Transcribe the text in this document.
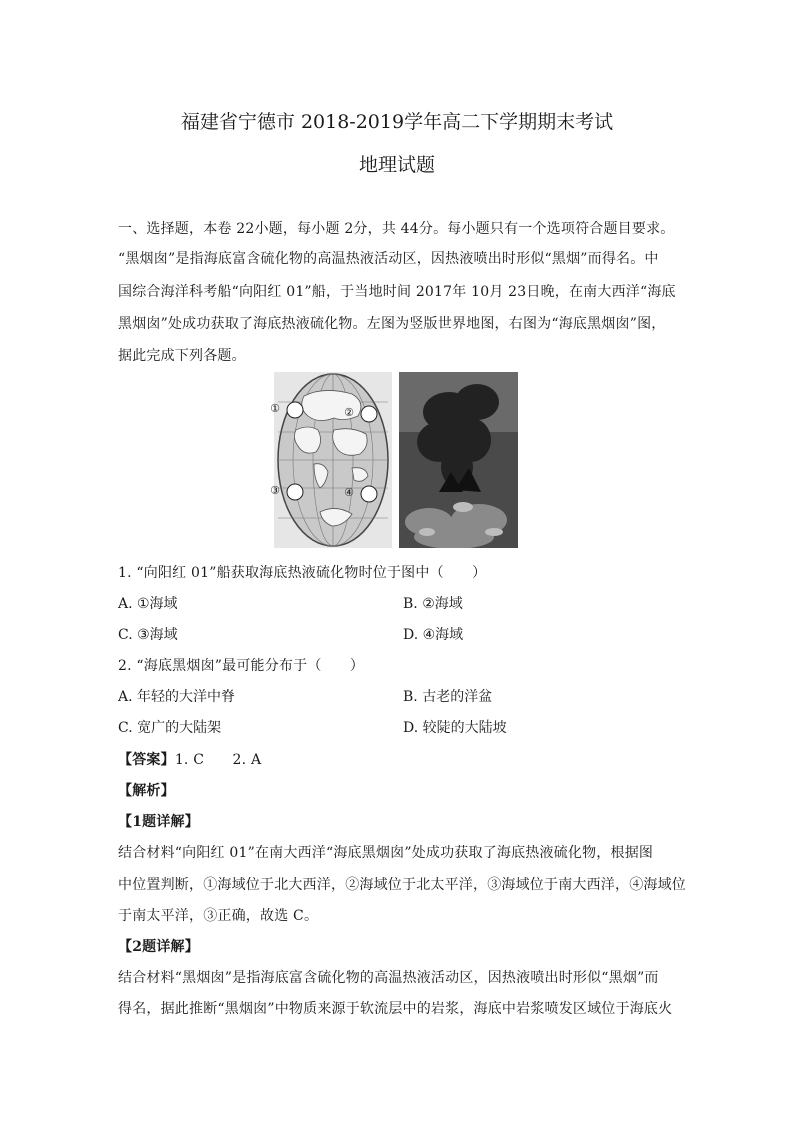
福建省宁德市 2018-2019学年高二下学期期末考试
地理试题
一、选择题，本卷 22小题，每小题 2分，共 44分。每小题只有一个选项符合题目要求。
“黑烟囱”是指海底富含硫化物的高温热液活动区，因热液喷出时形似“黑烟”而得名。中
国综合海洋科考船“向阳红 01”船，于当地时间 2017年 10月 23日晚，在南大西洋“海底
黑烟囱”处成功获取了海底热液硫化物。左图为竖版世界地图，右图为“海底黑烟囱”图，
据此完成下列各题。
①	②
③	④
1. “向阳红 01”船获取海底热液硫化物时位于图中（　　）
A. ①海域	B. ②海域
C. ③海域	D. ④海域
2. “海底黑烟囱”最可能分布于（　　）
A. 年轻的大洋中脊	B. 古老的洋盆
C. 宽广的大陆架	D. 较陡的大陆坡
【答案】1. C　　2. A
【解析】
【1题详解】
结合材料“向阳红 01”在南大西洋“海底黑烟囱”处成功获取了海底热液硫化物，根据图
中位置判断，①海域位于北大西洋，②海域位于北太平洋，③海域位于南大西洋，④海域位
于南太平洋，③正确，故选 C。
【2题详解】
结合材料“黑烟囱”是指海底富含硫化物的高温热液活动区，因热液喷出时形似“黑烟”而
得名，据此推断“黑烟囱”中物质来源于软流层中的岩浆，海底中岩浆喷发区域位于海底火
